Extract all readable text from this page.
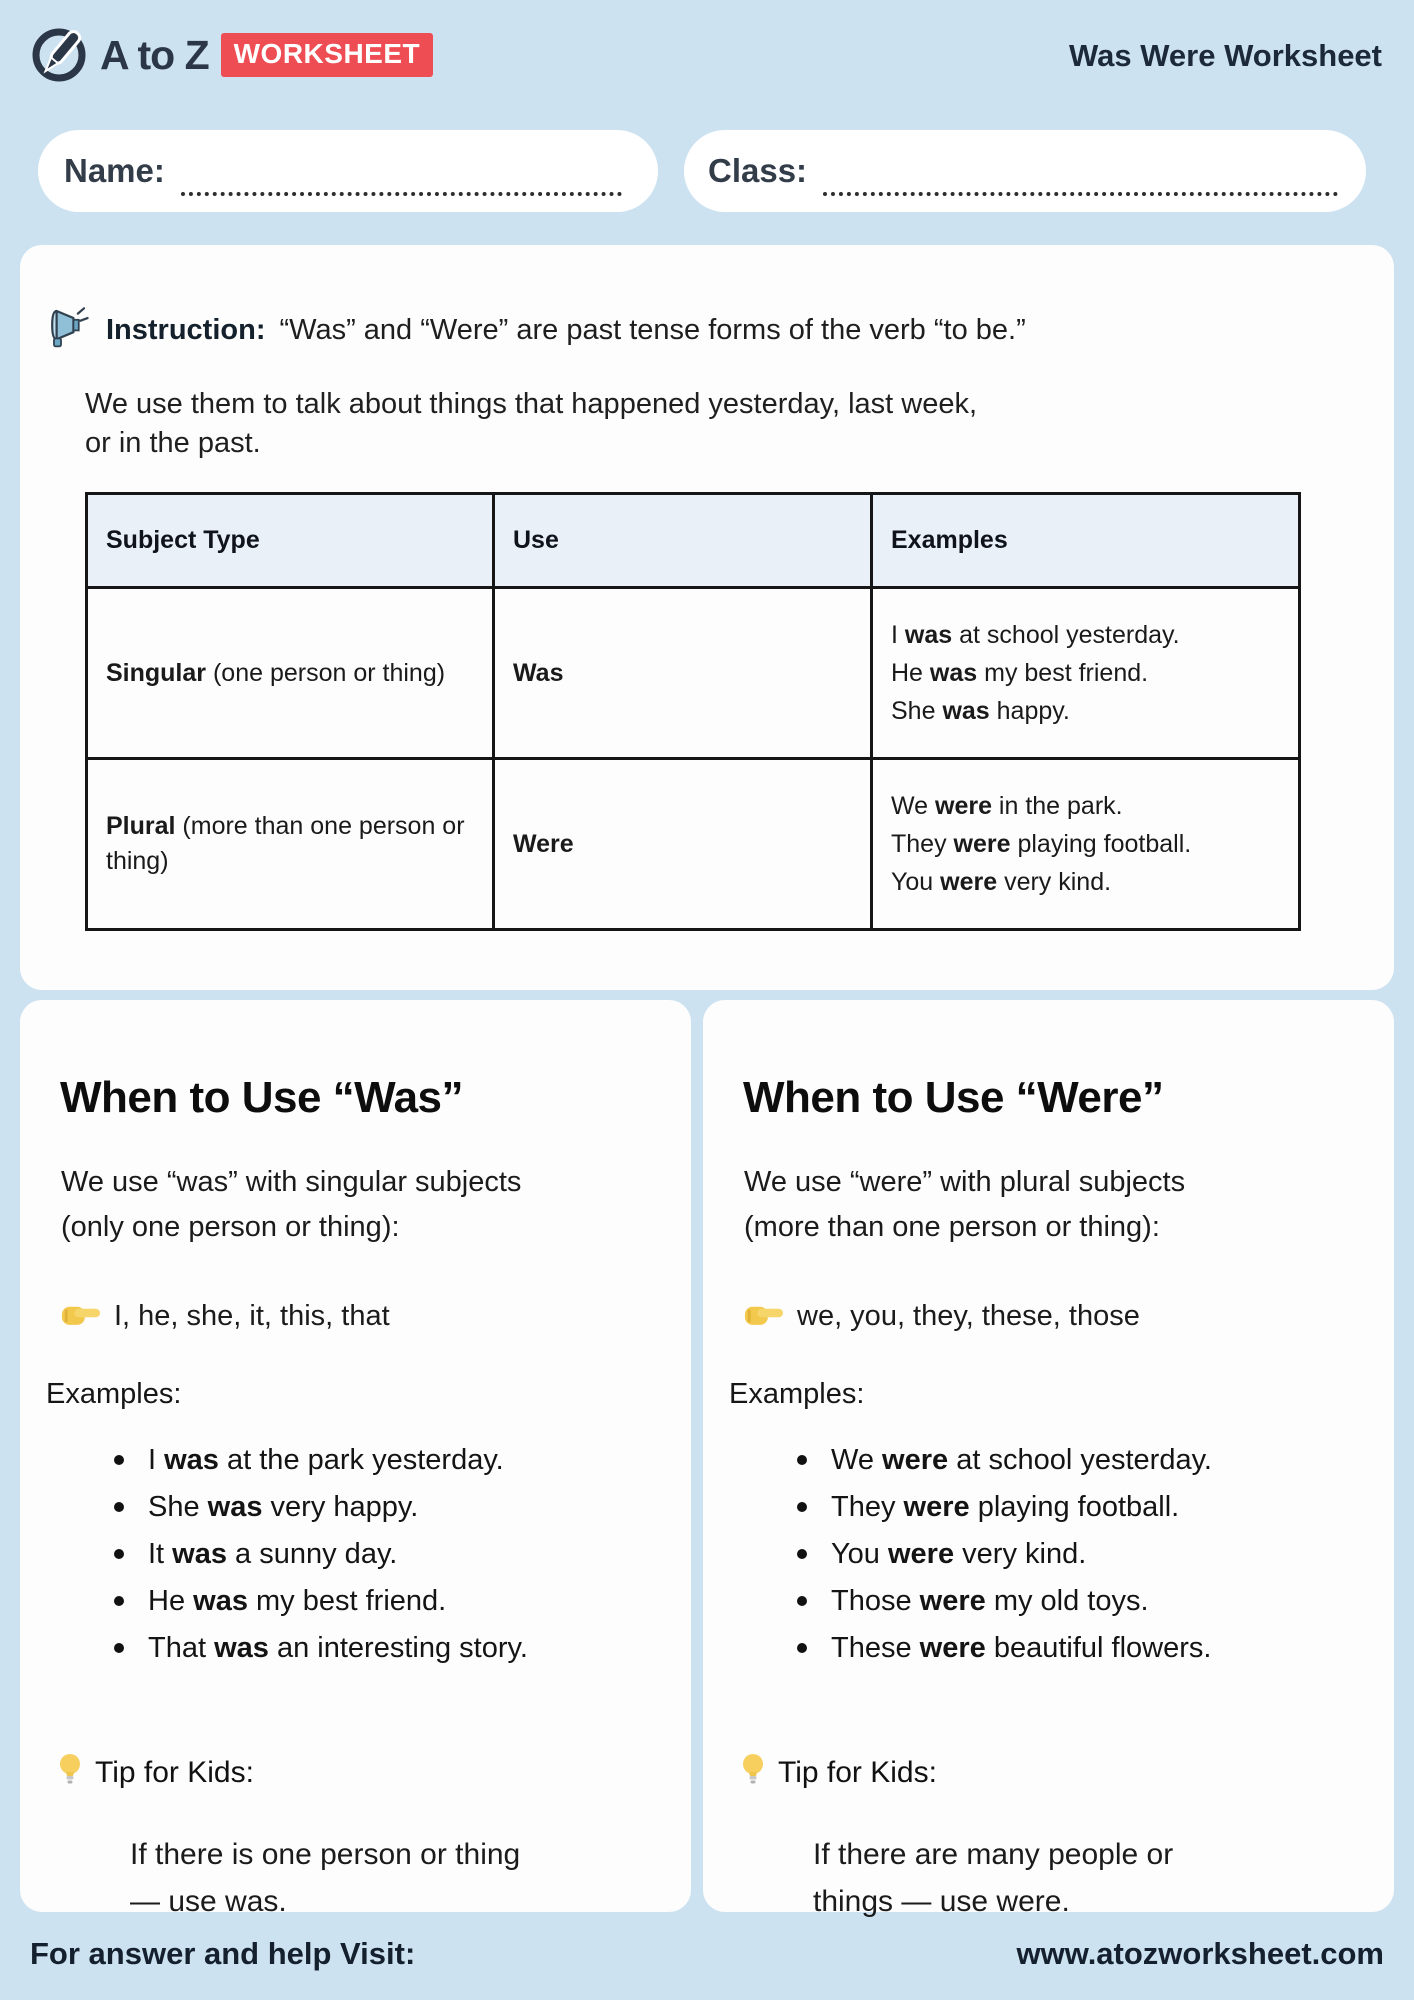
A to Z WORKSHEET	Was Were Worksheet
Name:	Class:
Instruction: “Was” and “Were” are past tense forms of the verb “to be.”
We use them to talk about things that happened yesterday, last week,
or in the past.
Subject Type	Use	Examples
Singular (one person or thing)	Was	I was at school yesterday.
He was my best friend.
She was happy.

Plural (more than one person or thing)	Were	We were in the park.
They were playing football.
You were very kind.
When to Use “Was”
We use “was” with singular subjects
(only one person or thing):
I, he, she, it, this, that
Examples:
I was at the park yesterday.
She was very happy.
It was a sunny day.
He was my best friend.
That was an interesting story.
Tip for Kids:
If there is one person or thing
— use was.
When to Use “Were”
We use “were” with plural subjects
(more than one person or thing):
we, you, they, these, those
Examples:
We were at school yesterday.
They were playing football.
You were very kind.
Those were my old toys.
These were beautiful flowers.
Tip for Kids:
If there are many people or
things — use were.
For answer and help Visit:	www.atozworksheet.com
